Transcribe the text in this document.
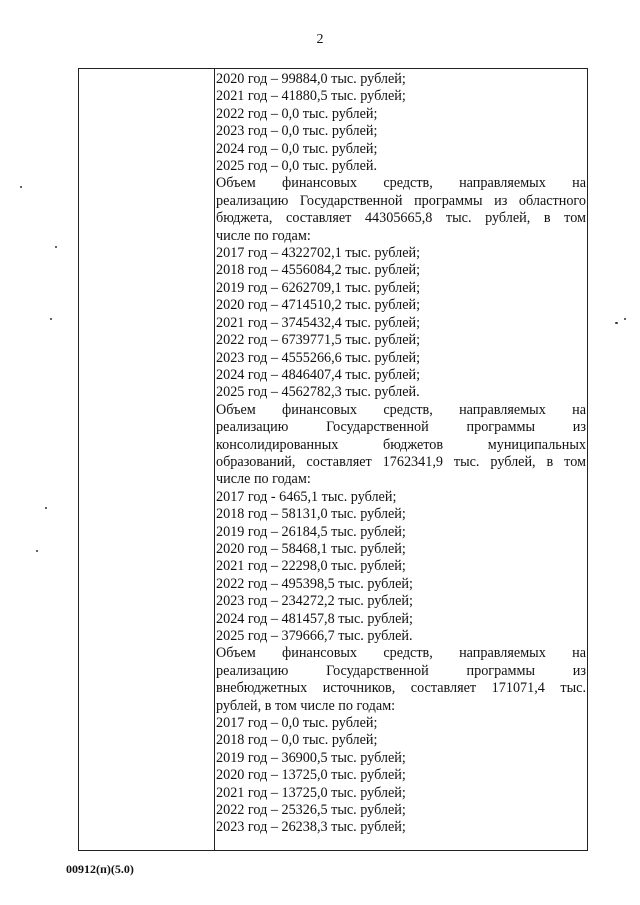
2
2020 год – 99884,0 тыс. рублей;
2021 год – 41880,5 тыс. рублей;
2022 год – 0,0 тыс. рублей;
2023 год – 0,0 тыс. рублей;
2024 год – 0,0 тыс. рублей;
2025 год – 0,0 тыс. рублей.
Объем финансовых средств, направляемых на
реализацию Государственной программы из областного
бюджета, составляет 44305665,8 тыс. рублей, в том
числе по годам:
2017 год – 4322702,1 тыс. рублей;
2018 год – 4556084,2 тыс. рублей;
2019 год – 6262709,1 тыс. рублей;
2020 год – 4714510,2 тыс. рублей;
2021 год – 3745432,4 тыс. рублей;
2022 год – 6739771,5 тыс. рублей;
2023 год – 4555266,6 тыс. рублей;
2024 год – 4846407,4 тыс. рублей;
2025 год – 4562782,3 тыс. рублей.
Объем финансовых средств, направляемых на
реализацию Государственной программы из
консолидированных бюджетов муниципальных
образований, составляет 1762341,9 тыс. рублей, в том
числе по годам:
2017 год - 6465,1 тыс. рублей;
2018 год – 58131,0 тыс. рублей;
2019 год – 26184,5 тыс. рублей;
2020 год – 58468,1 тыс. рублей;
2021 год – 22298,0 тыс. рублей;
2022 год – 495398,5 тыс. рублей;
2023 год – 234272,2 тыс. рублей;
2024 год – 481457,8 тыс. рублей;
2025 год – 379666,7 тыс. рублей.
Объем финансовых средств, направляемых на
реализацию Государственной программы из
внебюджетных источников, составляет 171071,4 тыс.
рублей, в том числе по годам:
2017 год – 0,0 тыс. рублей;
2018 год – 0,0 тыс. рублей;
2019 год – 36900,5 тыс. рублей;
2020 год – 13725,0 тыс. рублей;
2021 год – 13725,0 тыс. рублей;
2022 год – 25326,5 тыс. рублей;
2023 год – 26238,3 тыс. рублей;
00912(п)(5.0)
